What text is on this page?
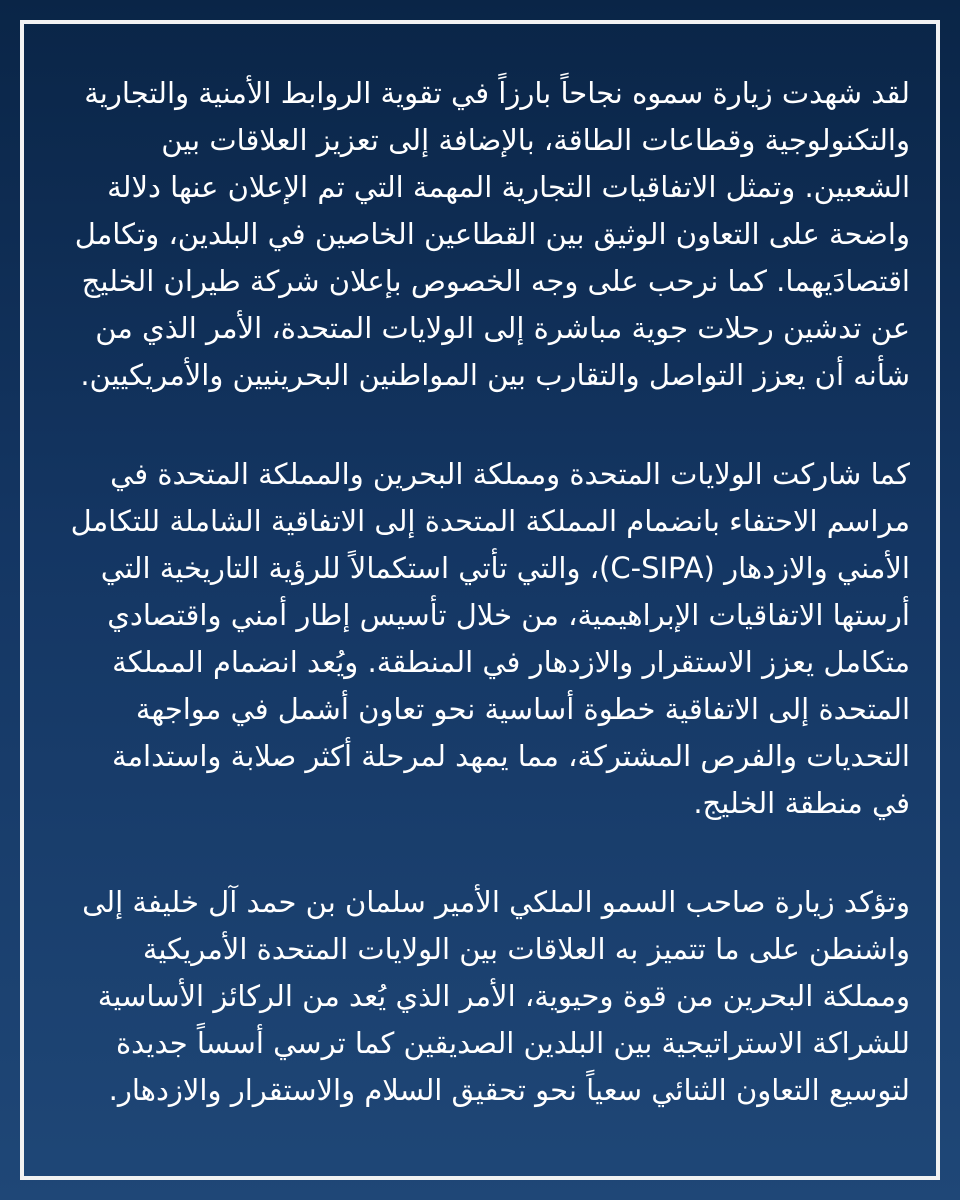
لقد شهدت زيارة سموه نجاحاً بارزاً في تقوية الروابط الأمنية والتجارية والتكنولوجية وقطاعات الطاقة، بالإضافة إلى تعزيز العلاقات بين الشعبين. وتمثل الاتفاقيات التجارية المهمة التي تم الإعلان عنها دلالة واضحة على التعاون الوثيق بين القطاعين الخاصين في البلدين، وتكامل اقتصادَيهما. كما نرحب على وجه الخصوص بإعلان شركة طيران الخليج عن تدشين رحلات جوية مباشرة إلى الولايات المتحدة، الأمر الذي من شأنه أن يعزز التواصل والتقارب بين المواطنين البحرينيين والأمريكيين.

كما شاركت الولايات المتحدة ومملكة البحرين والمملكة المتحدة في مراسم الاحتفاء بانضمام المملكة المتحدة إلى الاتفاقية الشاملة للتكامل الأمني والازدهار (C-SIPA)، والتي تأتي استكمالاً للرؤية التاريخية التي أرستها الاتفاقيات الإبراهيمية، من خلال تأسيس إطار أمني واقتصادي متكامل يعزز الاستقرار والازدهار في المنطقة. ويُعد انضمام المملكة المتحدة إلى الاتفاقية خطوة أساسية نحو تعاون أشمل في مواجهة التحديات والفرص المشتركة، مما يمهد لمرحلة أكثر صلابة واستدامة في منطقة الخليج.

وتؤكد زيارة صاحب السمو الملكي الأمير سلمان بن حمد آل خليفة إلى واشنطن على ما تتميز به العلاقات بين الولايات المتحدة الأمريكية ومملكة البحرين من قوة وحيوية، الأمر الذي يُعد من الركائز الأساسية للشراكة الاستراتيجية بين البلدين الصديقين كما ترسي أسساً جديدة لتوسيع التعاون الثنائي سعياً نحو تحقيق السلام والاستقرار والازدهار.
